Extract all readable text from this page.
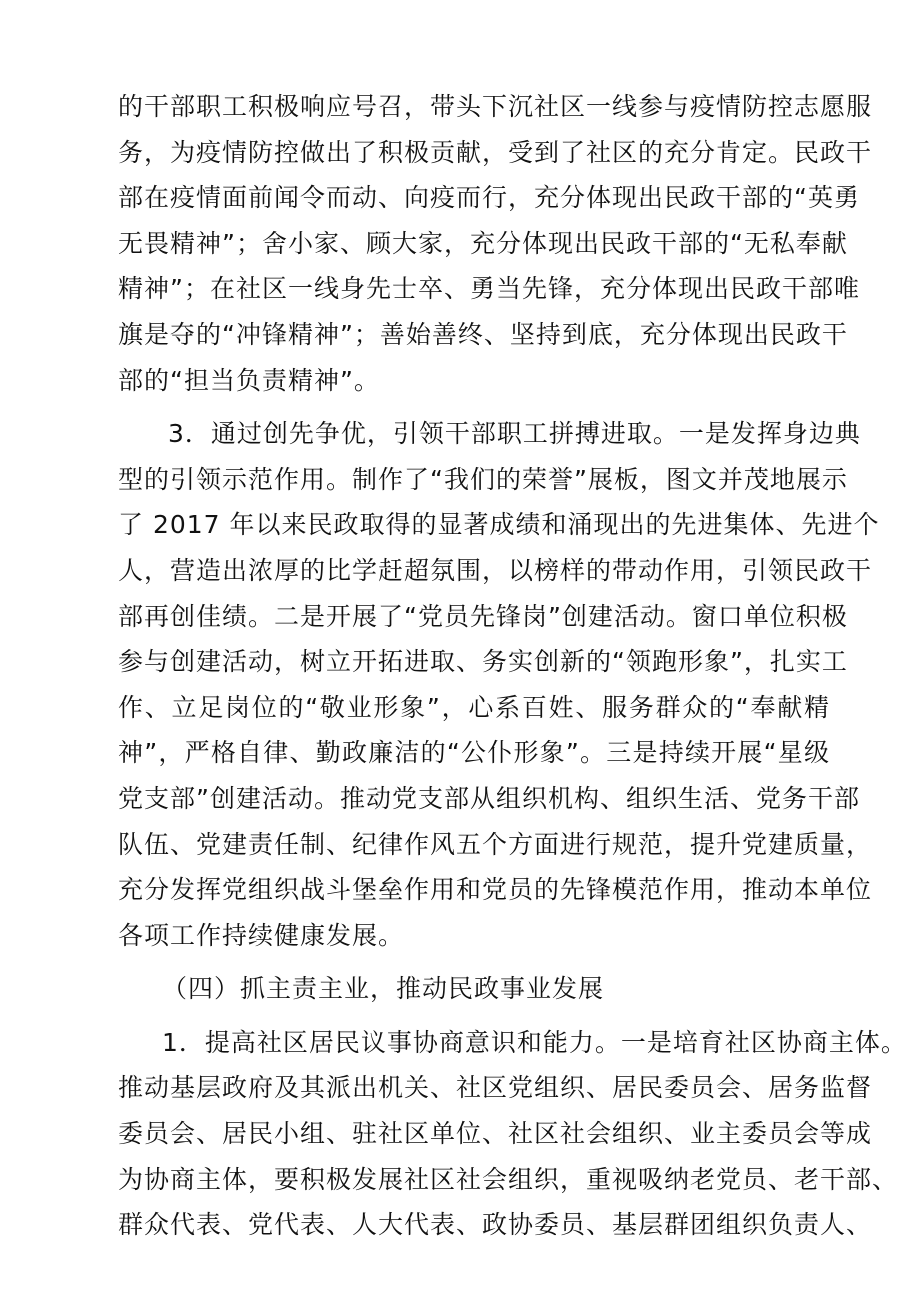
的干部职工积极响应号召，带头下沉社区一线参与疫情防控志愿服
务，为疫情防控做出了积极贡献，受到了社区的充分肯定。民政干
部在疫情面前闻令而动、向疫而行，充分体现出民政干部的“英勇
无畏精神”；舍小家、顾大家，充分体现出民政干部的“无私奉献
精神”；在社区一线身先士卒、勇当先锋，充分体现出民政干部唯
旗是夺的“冲锋精神”；善始善终、坚持到底，充分体现出民政干
部的“担当负责精神”。

3．通过创先争优，引领干部职工拼搏进取。一是发挥身边典
型的引领示范作用。制作了“我们的荣誉”展板，图文并茂地展示
了 2017 年以来民政取得的显著成绩和涌现出的先进集体、先进个
人，营造出浓厚的比学赶超氛围，以榜样的带动作用，引领民政干
部再创佳绩。二是开展了“党员先锋岗”创建活动。窗口单位积极
参与创建活动，树立开拓进取、务实创新的“领跑形象”，扎实工
作、立足岗位的“敬业形象”，心系百姓、服务群众的“奉献精
神”，严格自律、勤政廉洁的“公仆形象”。三是持续开展“星级
党支部”创建活动。推动党支部从组织机构、组织生活、党务干部
队伍、党建责任制、纪律作风五个方面进行规范，提升党建质量，
充分发挥党组织战斗堡垒作用和党员的先锋模范作用，推动本单位
各项工作持续健康发展。

（四）抓主责主业，推动民政事业发展

1．提高社区居民议事协商意识和能力。一是培育社区协商主体。
推动基层政府及其派出机关、社区党组织、居民委员会、居务监督
委员会、居民小组、驻社区单位、社区社会组织、业主委员会等成
为协商主体，要积极发展社区社会组织，重视吸纳老党员、老干部、
群众代表、党代表、人大代表、政协委员、基层群团组织负责人、
